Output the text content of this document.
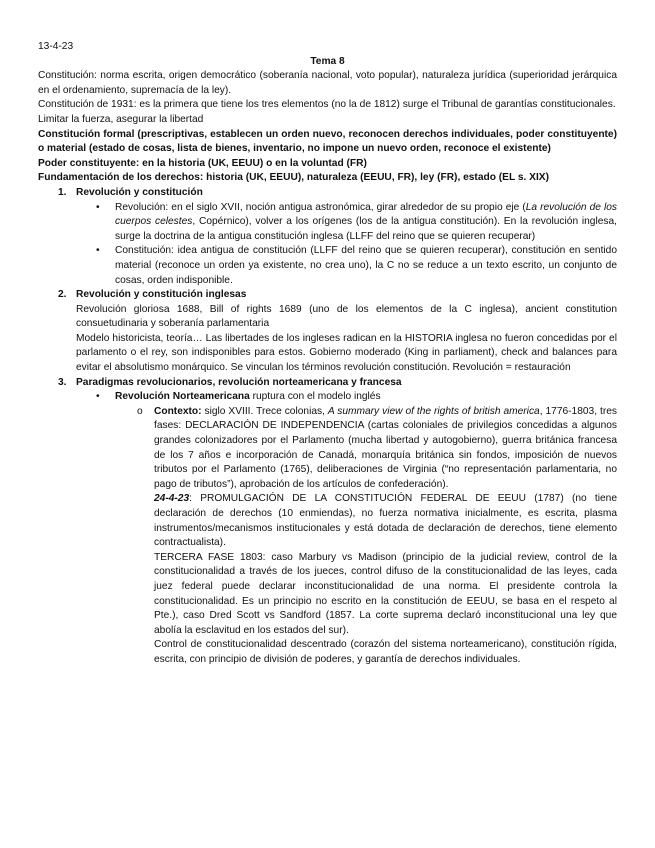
13-4-23

Tema 8

Constitución: norma escrita, origen democrático (soberanía nacional, voto popular), naturaleza jurídica (superioridad jerárquica en el ordenamiento, supremacía de la ley).

Constitución de 1931: es la primera que tiene los tres elementos (no la de 1812) surge el Tribunal de garantías constitucionales.

Limitar la fuerza, asegurar la libertad

Constitución formal (prescriptivas, establecen un orden nuevo, reconocen derechos individuales, poder constituyente) o material (estado de cosas, lista de bienes, inventario, no impone un nuevo orden, reconoce el existente)

Poder constituyente: en la historia (UK, EEUU) o en la voluntad (FR)

Fundamentación de los derechos: historia (UK, EEUU), naturaleza (EEUU, FR), ley (FR), estado (EL s. XIX)

1. Revolución y constitución

• Revolución: en el siglo XVII, noción antigua astronómica, girar alrededor de su propio eje (La revolución de los cuerpos celestes, Copérnico), volver a los orígenes (los de la antigua constitución). En la revolución inglesa, surge la doctrina de la antigua constitución inglesa (LLFF del reino que se quieren recuperar)
• Constitución: idea antigua de constitución (LLFF del reino que se quieren recuperar), constitución en sentido material (reconoce un orden ya existente, no crea uno), la C no se reduce a un texto escrito, un conjunto de cosas, orden indisponible.
2. Revolución y constitución inglesas

Revolución gloriosa 1688, Bill of rights 1689 (uno de los elementos de la C inglesa), ancient constitution consuetudinaria y soberanía parlamentaria

Modelo historicista, teoría… Las libertades de los ingleses radican en la HISTORIA inglesa no fueron concedidas por el parlamento o el rey, son indisponibles para estos. Gobierno moderado (King in parliament), check and balances para evitar el absolutismo monárquico. Se vinculan los términos revolución constitución. Revolución = restauración

3. Paradigmas revolucionarios, revolución norteamericana y francesa

• Revolución Norteamericana ruptura con el modelo inglés
o Contexto: siglo XVIII. Trece colonias, A summary view of the rights of british america, 1776-1803, tres fases: DECLARACIÓN DE INDEPENDENCIA (cartas coloniales de privilegios concedidas a algunos grandes colonizadores por el Parlamento (mucha libertad y autogobierno), guerra británica francesa de los 7 años e incorporación de Canadá, monarquía británica sin fondos, imposición de nuevos tributos por el Parlamento (1765), deliberaciones de Virginia (“no representación parlamentaria, no pago de tributos”), aprobación de los artículos de confederación).

24-4-23: PROMULGACIÓN DE LA CONSTITUCIÓN FEDERAL DE EEUU (1787) (no tiene declaración de derechos (10 enmiendas), no fuerza normativa inicialmente, es escrita, plasma instrumentos/mecanismos institucionales y está dotada de declaración de derechos, tiene elemento contractualista).

TERCERA FASE 1803: caso Marbury vs Madison (principio de la judicial review, control de la constitucionalidad a través de los jueces, control difuso de la constitucionalidad de las leyes, cada juez federal puede declarar inconstitucionalidad de una norma. El presidente controla la constitucionalidad. Es un principio no escrito en la constitución de EEUU, se basa en el respeto al Pte.), caso Dred Scott vs Sandford (1857. La corte suprema declaró inconstitucional una ley que abolía la esclavitud en los estados del sur).

Control de constitucionalidad descentrado (corazón del sistema norteamericano), constitución rígida, escrita, con principio de división de poderes, y garantía de derechos individuales.
